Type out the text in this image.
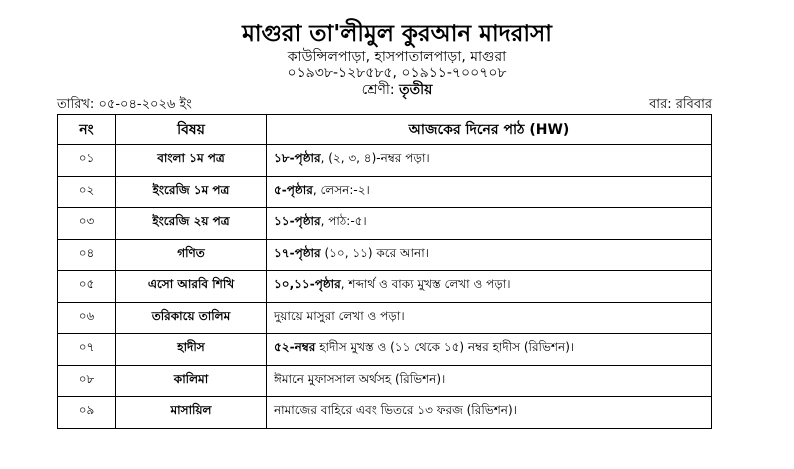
মাগুরা তা'লীমুল কুরআন মাদরাসা
কাউন্সিলপাড়া, হাসপাতালপাড়া, মাগুরা
০১৯৩৮-১২৮৫৮৫, ০১৯১১-৭০০৭০৮
শ্রেণী: তৃতীয়
তারিখ: ০৫-০৪-২০২৬ ইং	বার: রবিবার
নং	বিষয়	আজকের দিনের পাঠ (HW)
০১	বাংলা ১ম পত্র	১৮-পৃষ্ঠার, (২, ৩, ৪)-নম্বর পড়া।
০২	ইংরেজি ১ম পত্র	৫-পৃষ্ঠার, লেসন:-২।
০৩	ইংরেজি ২য় পত্র	১১-পৃষ্ঠার, পাঠ:-৫।
০৪	গণিত	১৭-পৃষ্ঠার (১০, ১১) করে আনা।
০৫	এসো আরবি শিখি	১০,১১-পৃষ্ঠার, শব্দার্থ ও বাক্য মুখস্ত লেখা ও পড়া।
০৬	তরিকায়ে তালিম	দুয়ায়ে মাসুরা লেখা ও পড়া।
০৭	হাদীস	৫২-নম্বর হাদীস মুখস্ত ও (১১ থেকে ১৫) নম্বর হাদীস (রিভিশন)।
০৮	কালিমা	ঈমানে মুফাসসাল অর্থসহ (রিভিশন)।
০৯	মাসায়িল	নামাজের বাহিরে এবং ভিতরে ১৩ ফরজ (রিভিশন)।
